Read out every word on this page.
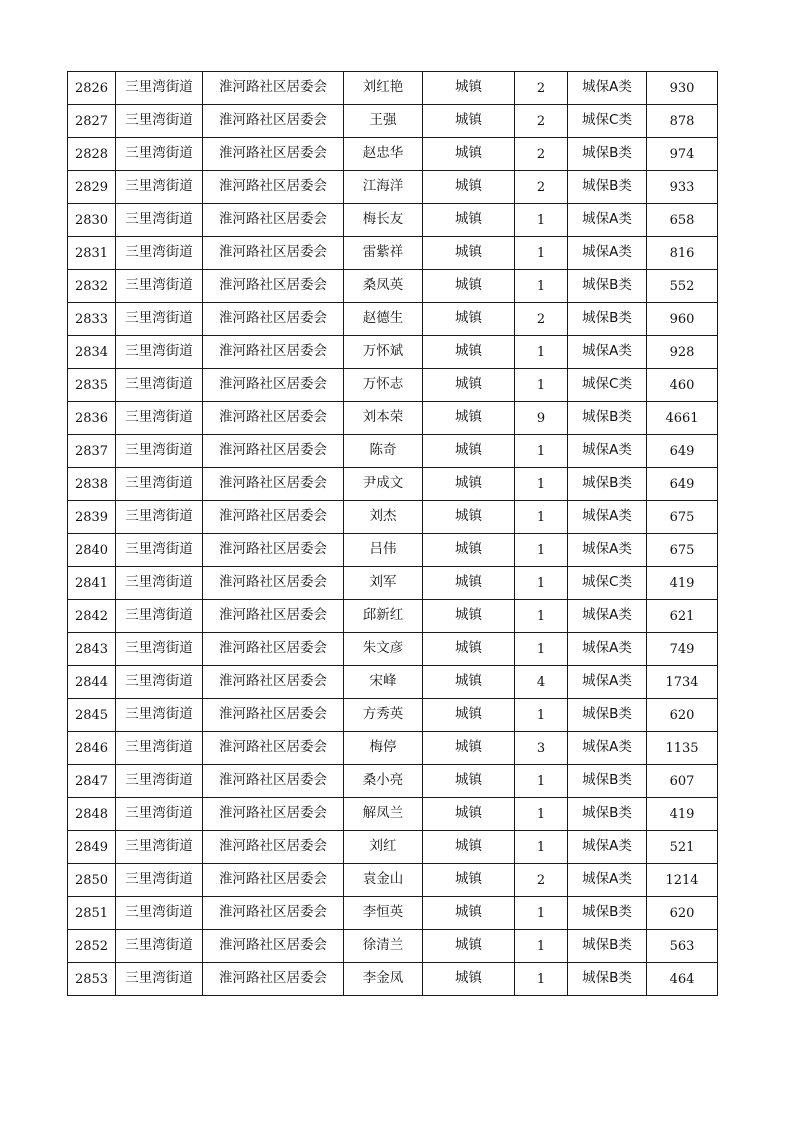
2826	三里湾街道	淮河路社区居委会	刘红艳	城镇	2	城保A类	930
2827	三里湾街道	淮河路社区居委会	王强	城镇	2	城保C类	878
2828	三里湾街道	淮河路社区居委会	赵忠华	城镇	2	城保B类	974
2829	三里湾街道	淮河路社区居委会	江海洋	城镇	2	城保B类	933
2830	三里湾街道	淮河路社区居委会	梅长友	城镇	1	城保A类	658
2831	三里湾街道	淮河路社区居委会	雷紫祥	城镇	1	城保A类	816
2832	三里湾街道	淮河路社区居委会	桑凤英	城镇	1	城保B类	552
2833	三里湾街道	淮河路社区居委会	赵德生	城镇	2	城保B类	960
2834	三里湾街道	淮河路社区居委会	万怀斌	城镇	1	城保A类	928
2835	三里湾街道	淮河路社区居委会	万怀志	城镇	1	城保C类	460
2836	三里湾街道	淮河路社区居委会	刘本荣	城镇	9	城保B类	4661
2837	三里湾街道	淮河路社区居委会	陈奇	城镇	1	城保A类	649
2838	三里湾街道	淮河路社区居委会	尹成文	城镇	1	城保B类	649
2839	三里湾街道	淮河路社区居委会	刘杰	城镇	1	城保A类	675
2840	三里湾街道	淮河路社区居委会	吕伟	城镇	1	城保A类	675
2841	三里湾街道	淮河路社区居委会	刘军	城镇	1	城保C类	419
2842	三里湾街道	淮河路社区居委会	邱新红	城镇	1	城保A类	621
2843	三里湾街道	淮河路社区居委会	朱文彦	城镇	1	城保A类	749
2844	三里湾街道	淮河路社区居委会	宋峰	城镇	4	城保A类	1734
2845	三里湾街道	淮河路社区居委会	方秀英	城镇	1	城保B类	620
2846	三里湾街道	淮河路社区居委会	梅停	城镇	3	城保A类	1135
2847	三里湾街道	淮河路社区居委会	桑小亮	城镇	1	城保B类	607
2848	三里湾街道	淮河路社区居委会	解凤兰	城镇	1	城保B类	419
2849	三里湾街道	淮河路社区居委会	刘红	城镇	1	城保A类	521
2850	三里湾街道	淮河路社区居委会	袁金山	城镇	2	城保A类	1214
2851	三里湾街道	淮河路社区居委会	李恒英	城镇	1	城保B类	620
2852	三里湾街道	淮河路社区居委会	徐清兰	城镇	1	城保B类	563
2853	三里湾街道	淮河路社区居委会	李金凤	城镇	1	城保B类	464
